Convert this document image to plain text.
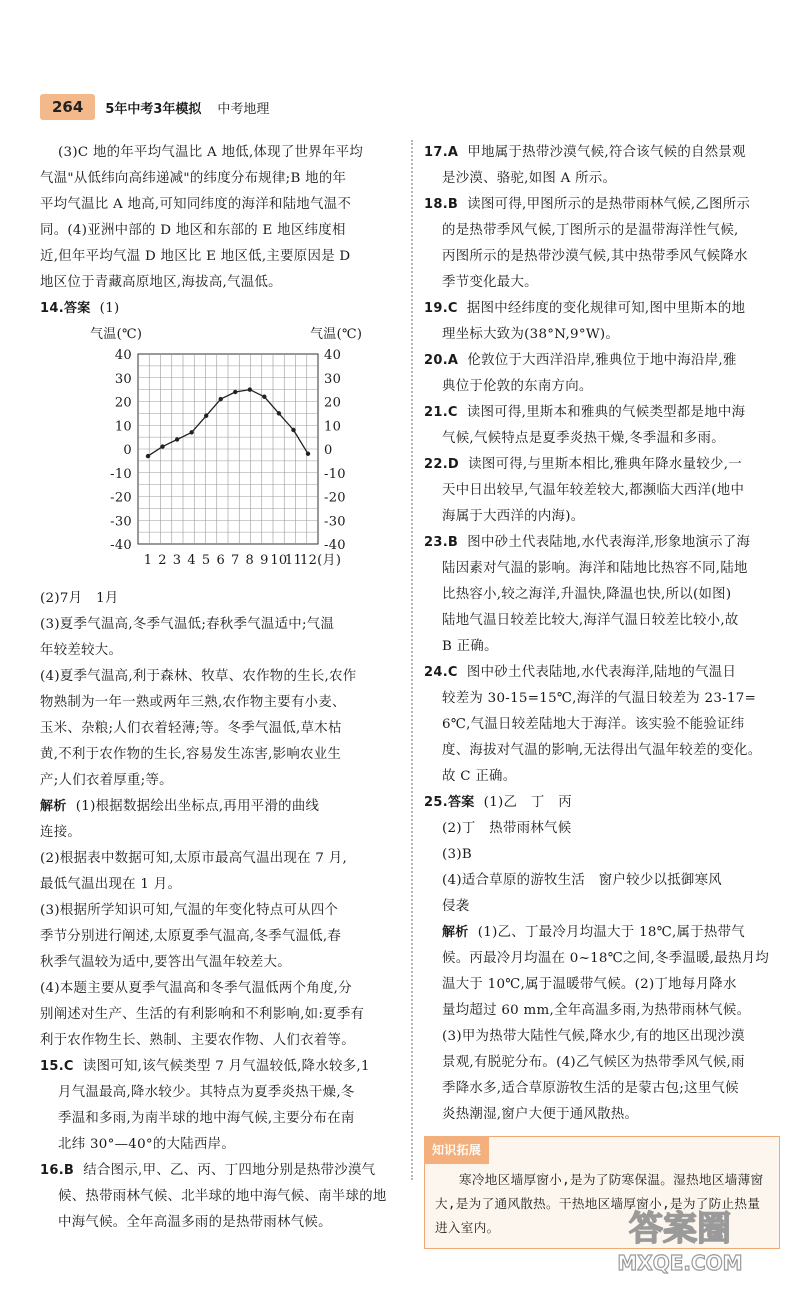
264	5年中考3年模拟 中考地理
(3)C 地的年平均气温比 A 地低,体现了世界年平均
气温"从低纬向高纬递减"的纬度分布规律;B 地的年
平均气温比 A 地高,可知同纬度的海洋和陆地气温不
同。(4)亚洲中部的 D 地区和东部的 E 地区纬度相
近,但年平均气温 D 地区比 E 地区低,主要原因是 D
地区位于青藏高原地区,海拔高,气温低。
14.答案 (1)
40	40
30	30
20	20
10	10
0	0
-10	-10
-20	-20
-30	-30
-40	-40
气温(℃)	气温(℃)
1 2 3 4 5 6 7 8 9 10
11
12(月)
(2)7月　1月
(3)夏季气温高,冬季气温低;春秋季气温适中;气温
年较差较大。
(4)夏季气温高,利于森林、牧草、农作物的生长,农作
物熟制为一年一熟或两年三熟,农作物主要有小麦、
玉米、杂粮;人们衣着轻薄;等。冬季气温低,草木枯
黄,不利于农作物的生长,容易发生冻害,影响农业生
产;人们衣着厚重;等。
解析 (1)根据数据绘出坐标点,再用平滑的曲线
连接。
(2)根据表中数据可知,太原市最高气温出现在 7 月,
最低气温出现在 1 月。
(3)根据所学知识可知,气温的年变化特点可从四个
季节分别进行阐述,太原夏季气温高,冬季气温低,春
秋季气温较为适中,要答出气温年较差大。
(4)本题主要从夏季气温高和冬季气温低两个角度,分
别阐述对生产、生活的有利影响和不利影响,如:夏季有
利于农作物生长、熟制、主要农作物、人们衣着等。
15.C 读图可知,该气候类型 7 月气温较低,降水较多,1
月气温最高,降水较少。其特点为夏季炎热干燥,冬
季温和多雨,为南半球的地中海气候,主要分布在南
北纬 30°—40°的大陆西岸。
16.B 结合图示,甲、乙、丙、丁四地分别是热带沙漠气
候、热带雨林气候、北半球的地中海气候、南半球的地
中海气候。全年高温多雨的是热带雨林气候。
17.A 甲地属于热带沙漠气候,符合该气候的自然景观
是沙漠、骆驼,如图 A 所示。
18.B 读图可得,甲图所示的是热带雨林气候,乙图所示
的是热带季风气候,丁图所示的是温带海洋性气候,
丙图所示的是热带沙漠气候,其中热带季风气候降水
季节变化最大。
19.C 据图中经纬度的变化规律可知,图中里斯本的地
理坐标大致为(38°N,9°W)。
20.A 伦敦位于大西洋沿岸,雅典位于地中海沿岸,雅
典位于伦敦的东南方向。
21.C 读图可得,里斯本和雅典的气候类型都是地中海
气候,气候特点是夏季炎热干燥,冬季温和多雨。
22.D 读图可得,与里斯本相比,雅典年降水量较少,一
天中日出较早,气温年较差较大,都濒临大西洋(地中
海属于大西洋的内海)。
23.B 图中砂土代表陆地,水代表海洋,形象地演示了海
陆因素对气温的影响。海洋和陆地比热容不同,陆地
比热容小,较之海洋,升温快,降温也快,所以(如图)
陆地气温日较差比较大,海洋气温日较差比较小,故
B 正确。
24.C 图中砂土代表陆地,水代表海洋,陆地的气温日
较差为 30-15=15℃,海洋的气温日较差为 23-17=
6℃,气温日较差陆地大于海洋。该实验不能验证纬
度、海拔对气温的影响,无法得出气温年较差的变化。
故 C 正确。
25.答案 (1)乙　丁　丙
(2)丁　热带雨林气候
(3)B
(4)适合草原的游牧生活　窗户较少以抵御寒风
侵袭
解析 (1)乙、丁最冷月均温大于 18℃,属于热带气
候。丙最冷月均温在 0~18℃之间,冬季温暖,最热月均
温大于 10℃,属于温暖带气候。(2)丁地每月降水
量均超过 60 mm,全年高温多雨,为热带雨林气候。
(3)甲为热带大陆性气候,降水少,有的地区出现沙漠
景观,有脱驼分布。(4)乙气候区为热带季风气候,雨
季降水多,适合草原游牧生活的是蒙古包;这里气候
炎热潮湿,窗户大便于通风散热。
知识拓展
寒冷地区墙厚窗小,是为了防寒保温。湿热地区墙薄窗大,是为了通风散热。干热地区墙厚窗小,是为了防止热量进入室内。	答案圈
MXQE.COM
